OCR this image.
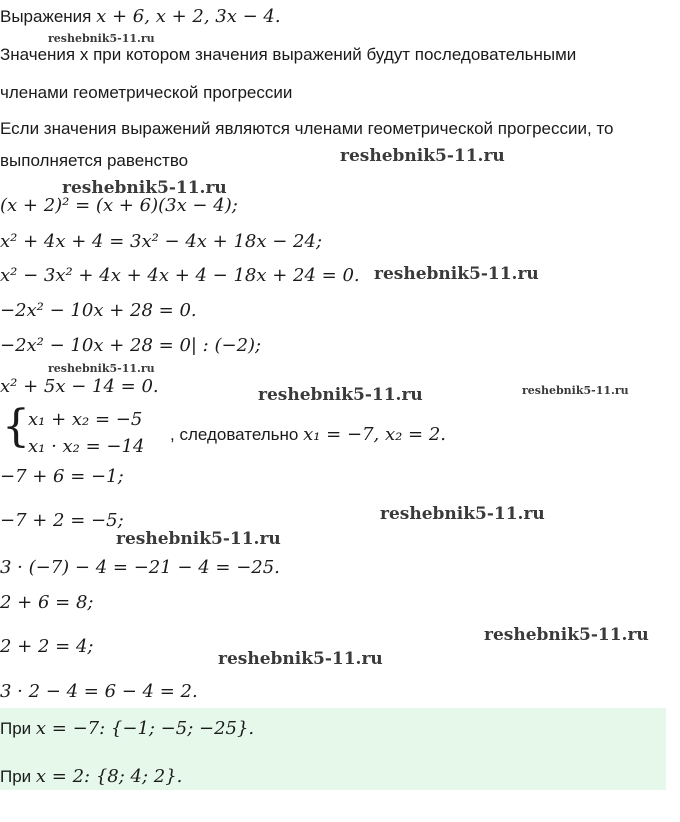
Выражения x + 6, x + 2, 3x − 4.
Значения x при котором значения выражений будут последовательными
членами геометрической прогрессии
Если значения выражений являются членами геометрической прогрессии, то
выполняется равенство
(x + 2)² = (x + 6)(3x − 4);
x² + 4x + 4 = 3x² − 4x + 18x − 24;
x² − 3x² + 4x + 4x + 4 − 18x + 24 = 0.
−2x² − 10x + 28 = 0.
−2x² − 10x + 28 = 0| : (−2);
x² + 5x − 14 = 0.
{
x₁ + x₂ = −5
x₁ · x₂ = −14
, следовательно x₁ = −7, x₂ = 2.
−7 + 6 = −1;
−7 + 2 = −5;
3 · (−7) − 4 = −21 − 4 = −25.
2 + 6 = 8;
2 + 2 = 4;
3 · 2 − 4 = 6 − 4 = 2.
При x = −7: {−1; −5; −25}.
При x = 2: {8; 4; 2}.
reshebnik5-11.ru
reshebnik5-11.ru
reshebnik5-11.ru
reshebnik5-11.ru
reshebnik5-11.ru
reshebnik5-11.ru	reshebnik5-11.ru
reshebnik5-11.ru
reshebnik5-11.ru
reshebnik5-11.ru
reshebnik5-11.ru
